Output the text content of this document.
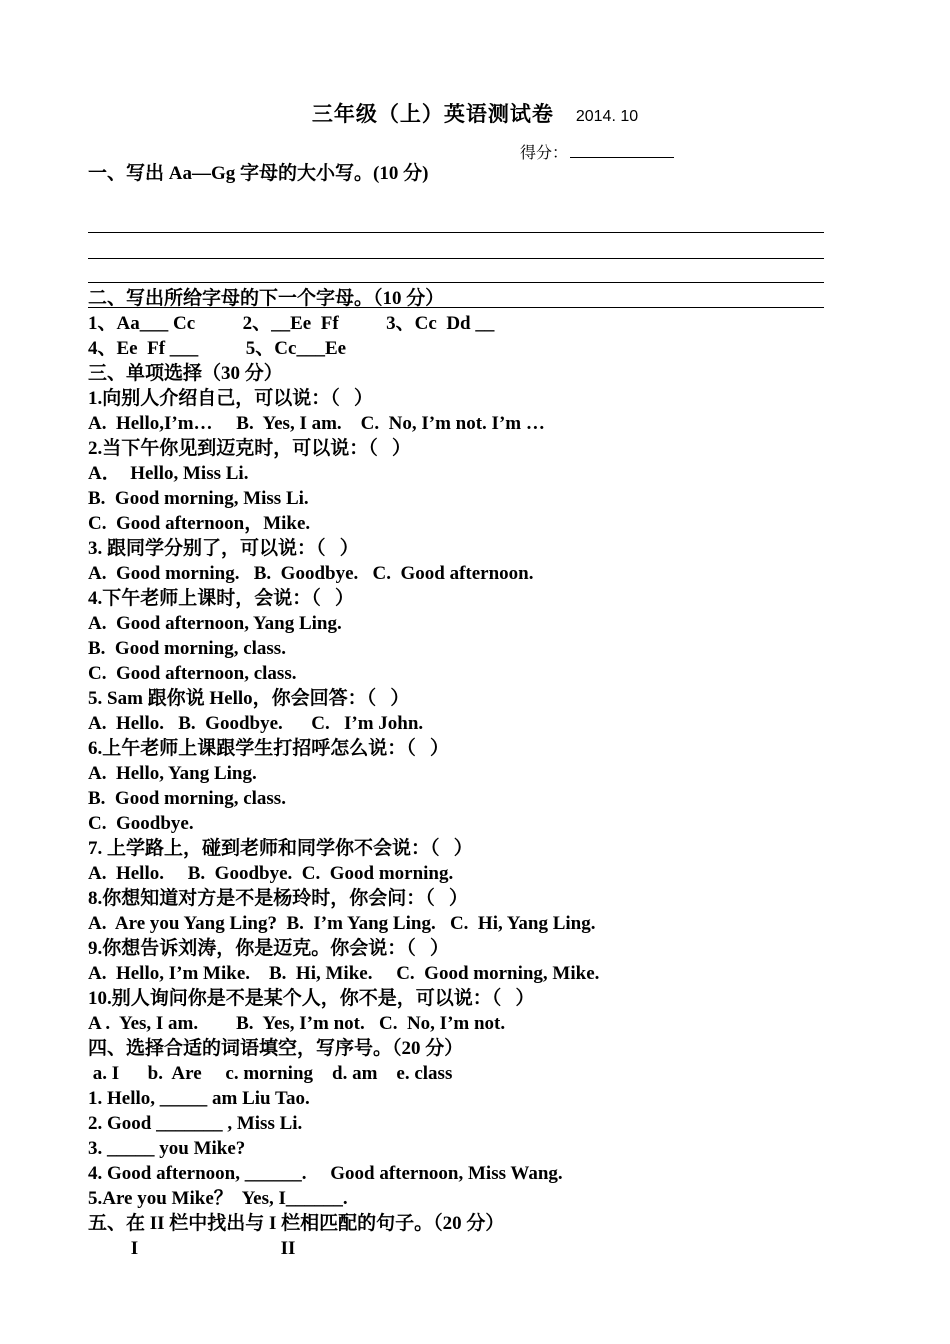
三年级（上）英语测试卷 2014. 10
得分：

一、写出 Aa—Gg 字母的大小写。(10 分)

二、写出所给字母的下一个字母。（10 分）

1、Aa___ Cc          2、__Ee  Ff          3、Cc  Dd __

4、Ee  Ff ___          5、Cc___Ee

三、单项选择（30 分）

1.向别人介绍自己，可以说：（   ）

A.  Hello,I’m…     B.  Yes, I am.    C.  No, I’m not. I’m …

2.当下午你见到迈克时，可以说：（   ）

A．  Hello, Miss Li.

B.  Good morning, Miss Li.

C.  Good afternoon，Mike.

3. 跟同学分别了，可以说：（   ）

A.  Good morning.   B.  Goodbye.   C.  Good afternoon.

4.下午老师上课时，会说：（   ）

A.  Good afternoon, Yang Ling.

B.  Good morning, class.

C.  Good afternoon, class.

5. Sam 跟你说 Hello，你会回答：（   ）

A.  Hello.   B.  Goodbye.      C.   I’m John.

6.上午老师上课跟学生打招呼怎么说：（   ）

A.  Hello, Yang Ling.

B.  Good morning, class.

C.  Goodbye.

7. 上学路上，碰到老师和同学你不会说：（   ）

A.  Hello.     B.  Goodbye.  C.  Good morning.

8.你想知道对方是不是杨玲时，你会问：（   ）

A.  Are you Yang Ling?  B.  I’m Yang Ling.   C.  Hi, Yang Ling.

9.你想告诉刘涛，你是迈克。你会说：（   ）

A.  Hello, I’m Mike.    B.  Hi, Mike.     C.  Good morning, Mike.

10.别人询问你是不是某个人，你不是，可以说：（   ）

A .  Yes, I am.        B.  Yes, I’m not.   C.  No, I’m not.

四、选择合适的词语填空，写序号。（20 分）

a. I      b.  Are     c. morning    d. am    e. class

1. Hello, _____ am Liu Tao.

2. Good _______ , Miss Li.

3. _____ you Mike?

4. Good afternoon, ______.     Good afternoon, Miss Wang.

5.Are you Mike？  Yes, I______.

五、在 II 栏中找出与 I 栏相匹配的句子。（20 分）

I                              II
